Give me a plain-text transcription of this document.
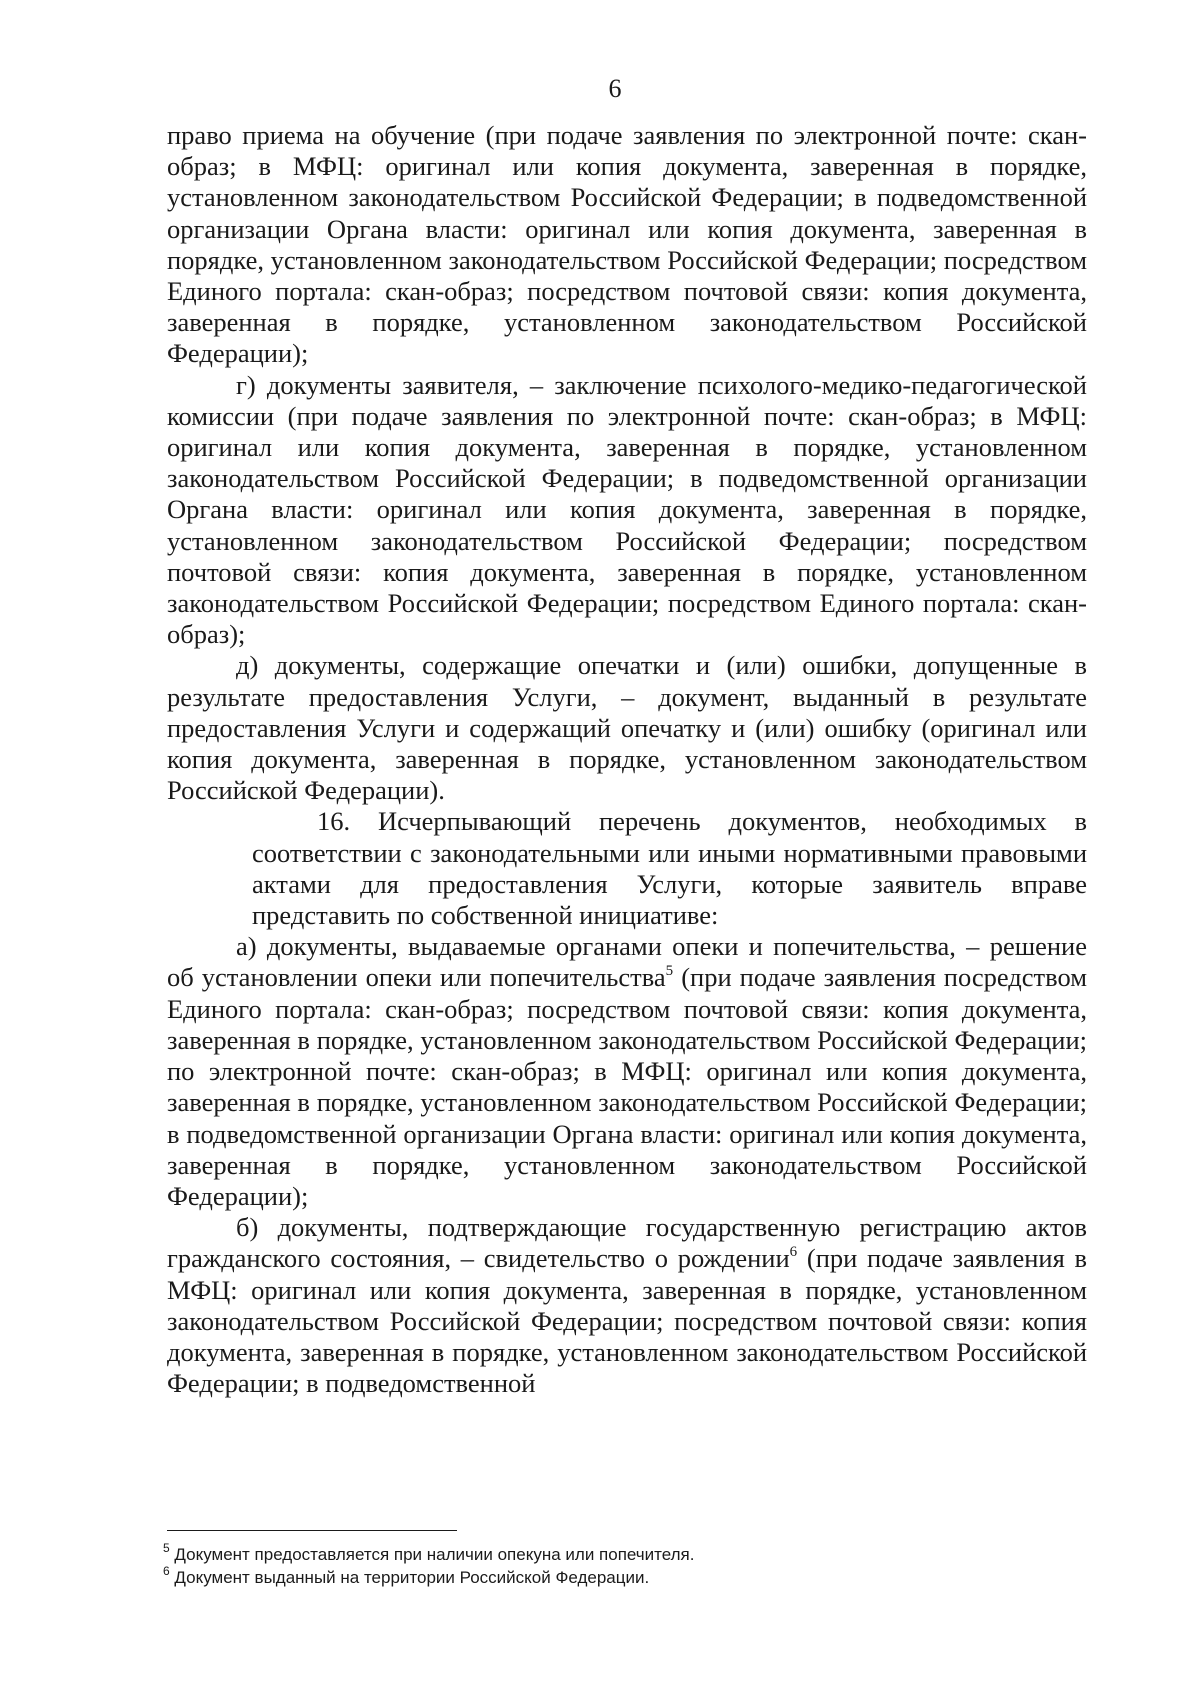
6

право приема на обучение (при подаче заявления по электронной почте: скан-образ; в МФЦ: оригинал или копия документа, заверенная в порядке, установленном законодательством Российской Федерации; в подведомственной организации Органа власти: оригинал или копия документа, заверенная в порядке, установленном законодательством Российской Федерации; посредством Единого портала: скан-образ; посредством почтовой связи: копия документа, заверенная в порядке, установленном законодательством Российской Федерации);

г) документы заявителя, – заключение психолого-медико-педагогической комиссии (при подаче заявления по электронной почте: скан-образ; в МФЦ: оригинал или копия документа, заверенная в порядке, установленном законодательством Российской Федерации; в подведомственной организации Органа власти: оригинал или копия документа, заверенная в порядке, установленном законодательством Российской Федерации; посредством почтовой связи: копия документа, заверенная в порядке, установленном законодательством Российской Федерации; посредством Единого портала: скан-образ);

д) документы, содержащие опечатки и (или) ошибки, допущенные в результате предоставления Услуги, – документ, выданный в результате предоставления Услуги и содержащий опечатку и (или) ошибку (оригинал или копия документа, заверенная в порядке, установленном законодательством Российской Федерации).

16. Исчерпывающий перечень документов, необходимых в соответствии с законодательными или иными нормативными правовыми актами для предоставления Услуги, которые заявитель вправе представить по собственной инициативе:

а) документы, выдаваемые органами опеки и попечительства, – решение об установлении опеки или попечительства$^5$ (при подаче заявления посредством Единого портала: скан-образ; посредством почтовой связи: копия документа, заверенная в порядке, установленном законодательством Российской Федерации; по электронной почте: скан-образ; в МФЦ: оригинал или копия документа, заверенная в порядке, установленном законодательством Российской Федерации; в подведомственной организации Органа власти: оригинал или копия документа, заверенная в порядке, установленном законодательством Российской Федерации);

б) документы, подтверждающие государственную регистрацию актов гражданского состояния, – свидетельство о рождении$^6$ (при подаче заявления в МФЦ: оригинал или копия документа, заверенная в порядке, установленном законодательством Российской Федерации; посредством почтовой связи: копия документа, заверенная в порядке, установленном законодательством Российской Федерации; в подведомственной

$^5$ Документ предоставляется при наличии опекуна или попечителя.

$^6$ Документ выданный на территории Российской Федерации.
